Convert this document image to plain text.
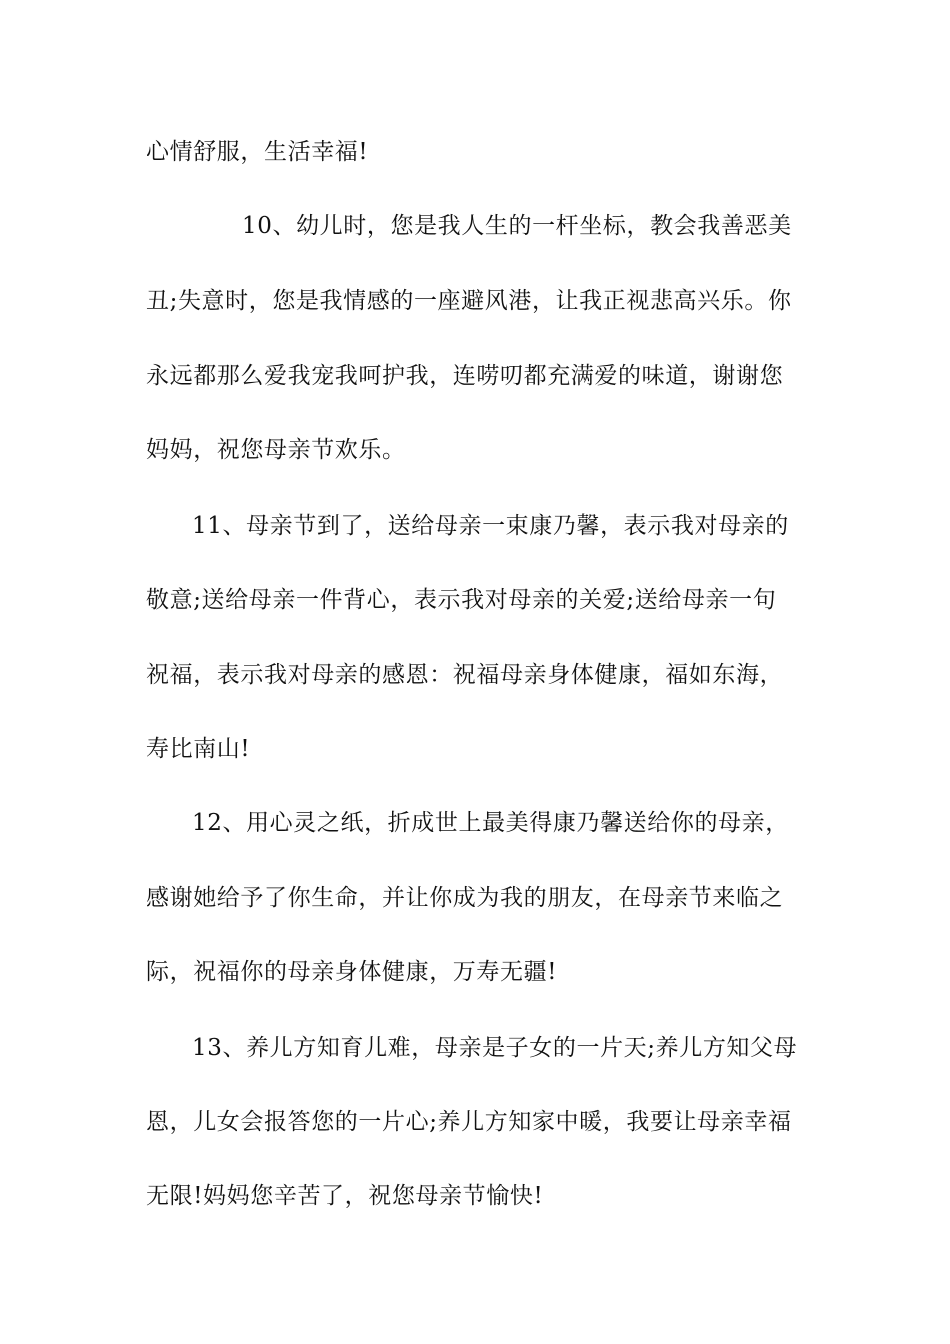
心情舒服，生活幸福!
10、幼儿时，您是我人生的一杆坐标，教会我善恶美
丑;失意时，您是我情感的一座避风港，让我正视悲高兴乐。你
永远都那么爱我宠我呵护我，连唠叨都充满爱的味道，谢谢您
妈妈，祝您母亲节欢乐。
11、母亲节到了，送给母亲一束康乃馨，表示我对母亲的
敬意;送给母亲一件背心，表示我对母亲的关爱;送给母亲一句
祝福，表示我对母亲的感恩：祝福母亲身体健康，福如东海，
寿比南山!
12、用心灵之纸，折成世上最美得康乃馨送给你的母亲，
感谢她给予了你生命，并让你成为我的朋友，在母亲节来临之
际，祝福你的母亲身体健康，万寿无疆!
13、养儿方知育儿难，母亲是子女的一片天;养儿方知父母
恩，儿女会报答您的一片心;养儿方知家中暖，我要让母亲幸福
无限!妈妈您辛苦了，祝您母亲节愉快!
